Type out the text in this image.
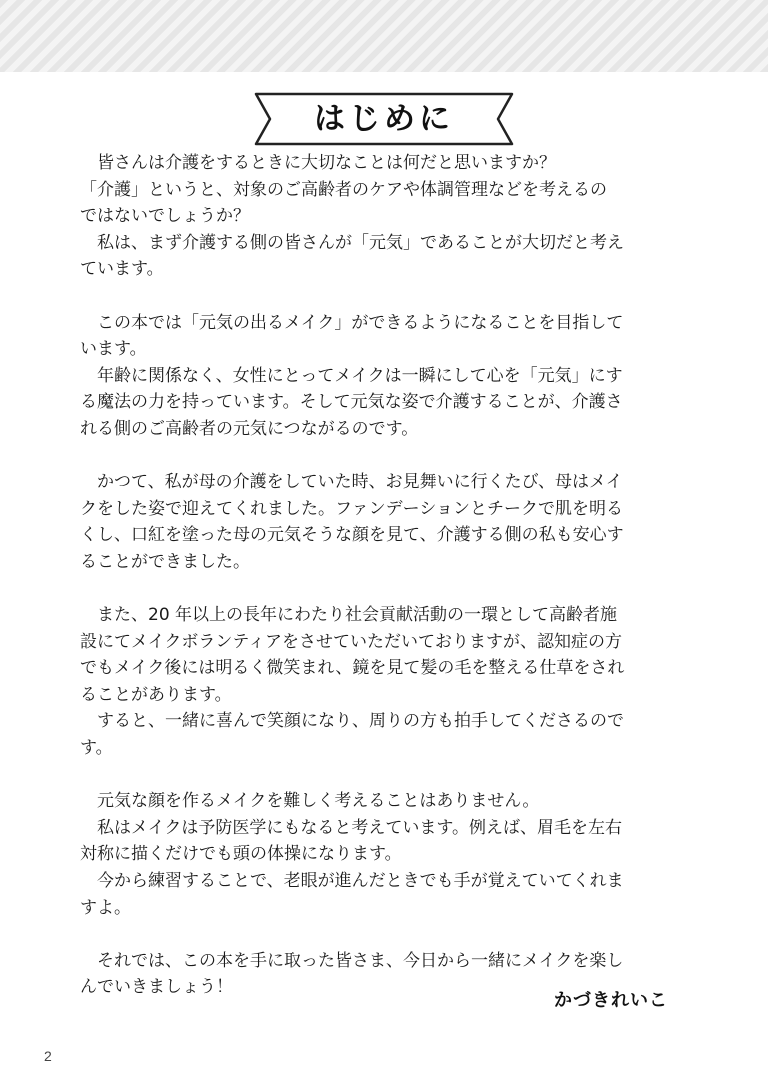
はじめに
皆さんは介護をするときに大切なことは何だと思いますか？
「介護」というと、対象のご高齢者のケアや体調管理などを考えるの
ではないでしょうか？
私は、まず介護する側の皆さんが「元気」であることが大切だと考え
ています。
この本では「元気の出るメイク」ができるようになることを目指して
います。
年齢に関係なく、女性にとってメイクは一瞬にして心を「元気」にす
る魔法の力を持っています。そして元気な姿で介護することが、介護さ
れる側のご高齢者の元気につながるのです。
かつて、私が母の介護をしていた時、お見舞いに行くたび、母はメイ
クをした姿で迎えてくれました。ファンデーションとチークで肌を明る
くし、口紅を塗った母の元気そうな顔を見て、介護する側の私も安心す
ることができました。
また、20 年以上の長年にわたり社会貢献活動の一環として高齢者施
設にてメイクボランティアをさせていただいておりますが、認知症の方
でもメイク後には明るく微笑まれ、鏡を見て髪の毛を整える仕草をされ
ることがあります。
すると、一緒に喜んで笑顔になり、周りの方も拍手してくださるので
す。
元気な顔を作るメイクを難しく考えることはありません。
私はメイクは予防医学にもなると考えています。例えば、眉毛を左右
対称に描くだけでも頭の体操になります。
今から練習することで、老眼が進んだときでも手が覚えていてくれま
すよ。
それでは、この本を手に取った皆さま、今日から一緒にメイクを楽し
んでいきましょう！
かづきれいこ
2
